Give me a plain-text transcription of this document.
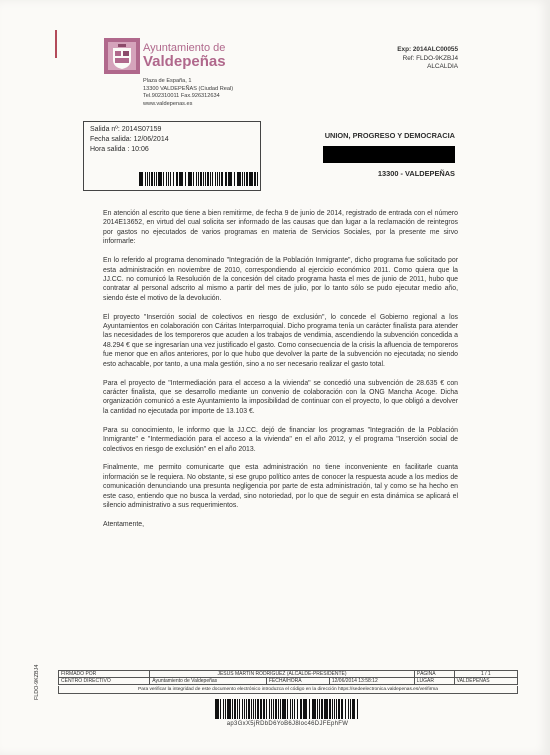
Ayuntamiento de
Valdepeñas
Plaza de España, 1
13300 VALDEPEÑAS (Ciudad Real)
Tel.902310011 Fax.926312634
www.valdepenas.es
Exp: 2014ALC00055
Ref: FLDO-9KZBJ4
ALCALDIA
Salida nº: 2014S07159
Fecha salida: 12/06/2014
Hora salida : 10:06
UNION, PROGRESO Y DEMOCRACIA
13300 - VALDEPEÑAS

En atención al escrito que tiene a bien remitirme, de fecha 9 de junio de 2014, registrado de entrada con el número 2014E13652, en virtud del cual solicita ser informado de las causas que dan lugar a la reclamación de reintegros por gastos no ejecutados de varios programas en materia de Servicios Sociales, por la presente me sirvo informarle:

En lo referido al programa denominado "Integración de la Población Inmigrante", dicho programa fue solicitado por esta administración en noviembre de 2010, correspondiendo al ejercicio económico 2011. Como quiera que la JJ.CC. no comunicó la Resolución de la concesión del citado programa hasta el mes de junio de 2011, hubo que contratar al personal adscrito al mismo a partir del mes de julio, por lo tanto sólo se pudo ejecutar medio año, siendo éste el motivo de la devolución.

El proyecto "Inserción social de colectivos en riesgo de exclusión", lo concede el Gobierno regional a los Ayuntamientos en colaboración con Cáritas Interparroquial. Dicho programa tenía un carácter finalista para atender las necesidades de los temporeros que acuden a los trabajos de vendimia, ascendiendo la subvención concedida a 48.294 € que se ingresarían una vez justificado el gasto. Como consecuencia de la crisis la afluencia de temporeros fue menor que en años anteriores, por lo que hubo que devolver la parte de la subvención no ejecutada; no siendo esto achacable, por tanto, a una mala gestión, sino a no ser necesario realizar el gasto total.

Para el proyecto de "Intermediación para el acceso a la vivienda" se concedió una subvención de 28.635 € con carácter finalista, que se desarrollo mediante un convenio de colaboración con la ONG Mancha Acoge. Dicha organización comunicó a este Ayuntamiento la imposibilidad de continuar con el proyecto, lo que obligó a devolver la cantidad no ejecutada por importe de 13.103 €.

Para su conocimiento, le informo que la JJ.CC. dejó de financiar los programas "Integración de la Población Inmigrante" e "Intermediación para el acceso a la vivienda" en el año 2012, y el programa "Inserción social de colectivos en riesgo de exclusión" en el año 2013.

Finalmente, me permito comunicarte que esta administración no tiene inconveniente en facilitarle cuanta información se le requiera. No obstante, si ese grupo político antes de conocer la respuesta acude a los medios de comunicación denunciando una presunta negligencia por parte de esta administración, tal y como se ha hecho en este caso, entiendo que no busca la verdad, sino notoriedad, por lo que de seguir en esta dinámica se aplicará el silencio administrativo a sus requerimientos.

Atentamente,

FIRMADO POR	JESÚS MARTÍN RODRÍGUEZ (ALCALDE-PRESIDENTE)			PÁGINA	1 / 1
CENTRO DIRECTIVO	Ayuntamiento de Valdepeñas	FECHA/HORA	12/06/2014 13:58:12	LUGAR	VALDEPEÑAS
Para verificar la integridad de este documento electrónico introduzca el código en la dirección https://sedeelectronica.valdepenas.es/verifirma
FLDO-9KZBJ4
ap3GxX5jRDbD6YoB6J8loc46DJFEphFW
